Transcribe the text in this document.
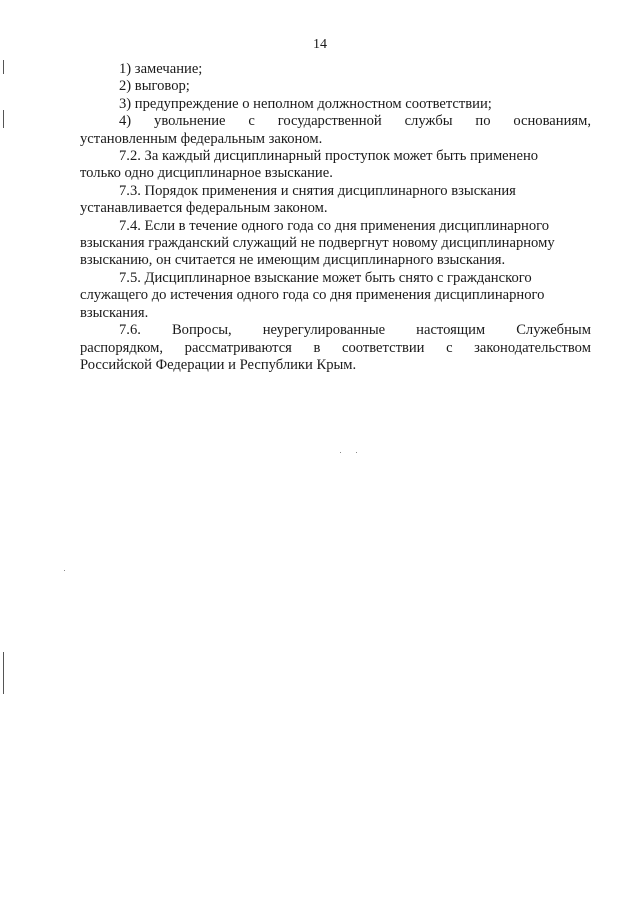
14
1) замечание;
2) выговор;
3) предупреждение о неполном должностном соответствии;
4) увольнение с государственной службы по основаниям,
установленным федеральным законом.
7.2. За каждый дисциплинарный проступок может быть применено
только одно дисциплинарное взыскание.
7.3. Порядок применения и снятия дисциплинарного взыскания
устанавливается федеральным законом.
7.4. Если в течение одного года со дня применения дисциплинарного
взыскания гражданский служащий не подвергнут новому дисциплинарному
взысканию, он считается не имеющим дисциплинарного взыскания.
7.5. Дисциплинарное взыскание может быть снято с гражданского
служащего до истечения одного года со дня применения дисциплинарного
взыскания.
7.6. Вопросы, неурегулированные настоящим Служебным
распорядком, рассматриваются в соответствии с законодательством
Российской Федерации и Республики Крым.
